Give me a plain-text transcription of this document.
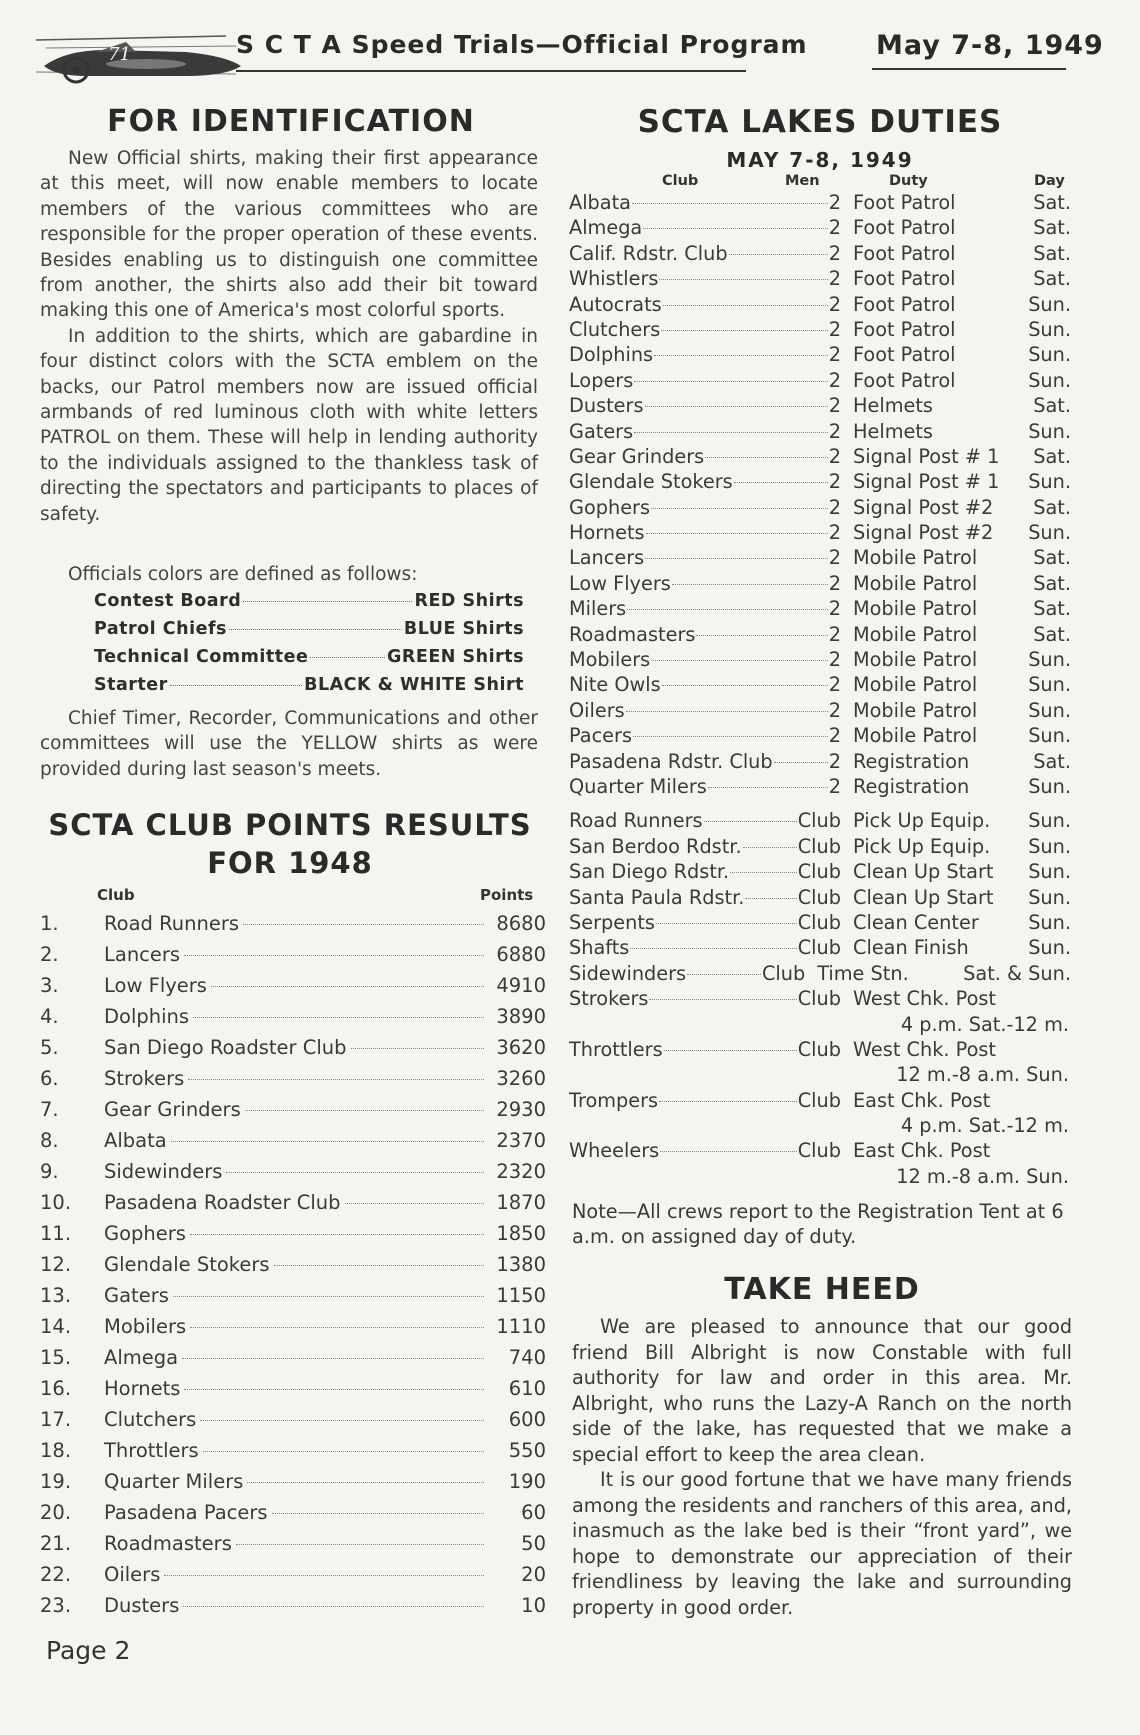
71	S C T A Speed Trials—Official Program	May 7-8, 1949
FOR IDENTIFICATION

New Official shirts, making their first appearance at this meet, will now enable members to locate members of the various committees who are responsible for the proper operation of these events. Besides enabling us to distinguish one committee from another, the shirts also add their bit toward making this one of America's most colorful sports.

In addition to the shirts, which are gabardine in four distinct colors with the SCTA emblem on the backs, our Patrol members now are issued official armbands of red luminous cloth with white letters PATROL on them. These will help in lending authority to the individuals assigned to the thankless task of directing the spectators and participants to places of safety.

Officials colors are defined as follows:
Contest Board	RED Shirts
Patrol Chiefs	BLUE Shirts
Technical Committee	GREEN Shirts
Starter	BLACK & WHITE Shirt

Chief Timer, Recorder, Communications and other committees will use the YELLOW shirts as were provided during last season's meets.

SCTA CLUB POINTS RESULTS
FOR 1948
Club	Points
1.	Road Runners	8680
2.	Lancers	6880
3.	Low Flyers	4910
4.	Dolphins	3890
5.	San Diego Roadster Club	3620
6.	Strokers	3260
7.	Gear Grinders	2930
8.	Albata	2370
9.	Sidewinders	2320
10.	Pasadena Roadster Club	1870
11.	Gophers	1850
12.	Glendale Stokers	1380
13.	Gaters	1150
14.	Mobilers	1110
15.	Almega	740
16.	Hornets	610
17.	Clutchers	600
18.	Throttlers	550
19.	Quarter Milers	190
20.	Pasadena Pacers	60
21.	Roadmasters	50
22.	Oilers	20
23.	Dusters	10
Page 2
SCTA LAKES DUTIES
MAY 7-8, 1949
Club	Men	Duty	Day
Albata	2 Foot Patrol	Sat.
Almega	2 Foot Patrol	Sat.
Calif. Rdstr. Club	2 Foot Patrol	Sat.
Whistlers	2 Foot Patrol	Sat.
Autocrats	2 Foot Patrol	Sun.
Clutchers	2 Foot Patrol	Sun.
Dolphins	2 Foot Patrol	Sun.
Lopers	2 Foot Patrol	Sun.
Dusters	2 Helmets	Sat.
Gaters	2 Helmets	Sun.
Gear Grinders	2 Signal Post # 1	Sat.
Glendale Stokers	2 Signal Post # 1	Sun.
Gophers	2 Signal Post #2	Sat.
Hornets	2 Signal Post #2	Sun.
Lancers	2 Mobile Patrol	Sat.
Low Flyers	2 Mobile Patrol	Sat.
Milers	2 Mobile Patrol	Sat.
Roadmasters	2 Mobile Patrol	Sat.
Mobilers	2 Mobile Patrol	Sun.
Nite Owls	2 Mobile Patrol	Sun.
Oilers	2 Mobile Patrol	Sun.
Pacers	2 Mobile Patrol	Sun.
Pasadena Rdstr. Club	2 Registration	Sat.
Quarter Milers	2 Registration	Sun.
Road Runners	Club Pick Up Equip.	Sun.
San Berdoo Rdstr.	Club Pick Up Equip.	Sun.
San Diego Rdstr.	Club Clean Up Start	Sun.
Santa Paula Rdstr.	Club Clean Up Start	Sun.
Serpents	Club Clean Center	Sun.
Shafts	Club Clean Finish	Sun.
Sidewinders	Club Time Stn.	Sat. & Sun.
Strokers	Club West Chk. Post
4 p.m. Sat.-12 m.
Throttlers	Club West Chk. Post
12 m.-8 a.m. Sun.
Trompers	Club East Chk. Post
4 p.m. Sat.-12 m.
Wheelers	Club East Chk. Post
12 m.-8 a.m. Sun.
Note—All crews report to the Registration Tent at 6 a.m. on assigned day of duty.
TAKE HEED

We are pleased to announce that our good friend Bill Albright is now Constable with full authority for law and order in this area. Mr. Albright, who runs the Lazy-A Ranch on the north side of the lake, has requested that we make a special effort to keep the area clean.

It is our good fortune that we have many friends among the residents and ranchers of this area, and, inasmuch as the lake bed is their “front yard”, we hope to demonstrate our appreciation of their friendliness by leaving the lake and surrounding property in good order.
